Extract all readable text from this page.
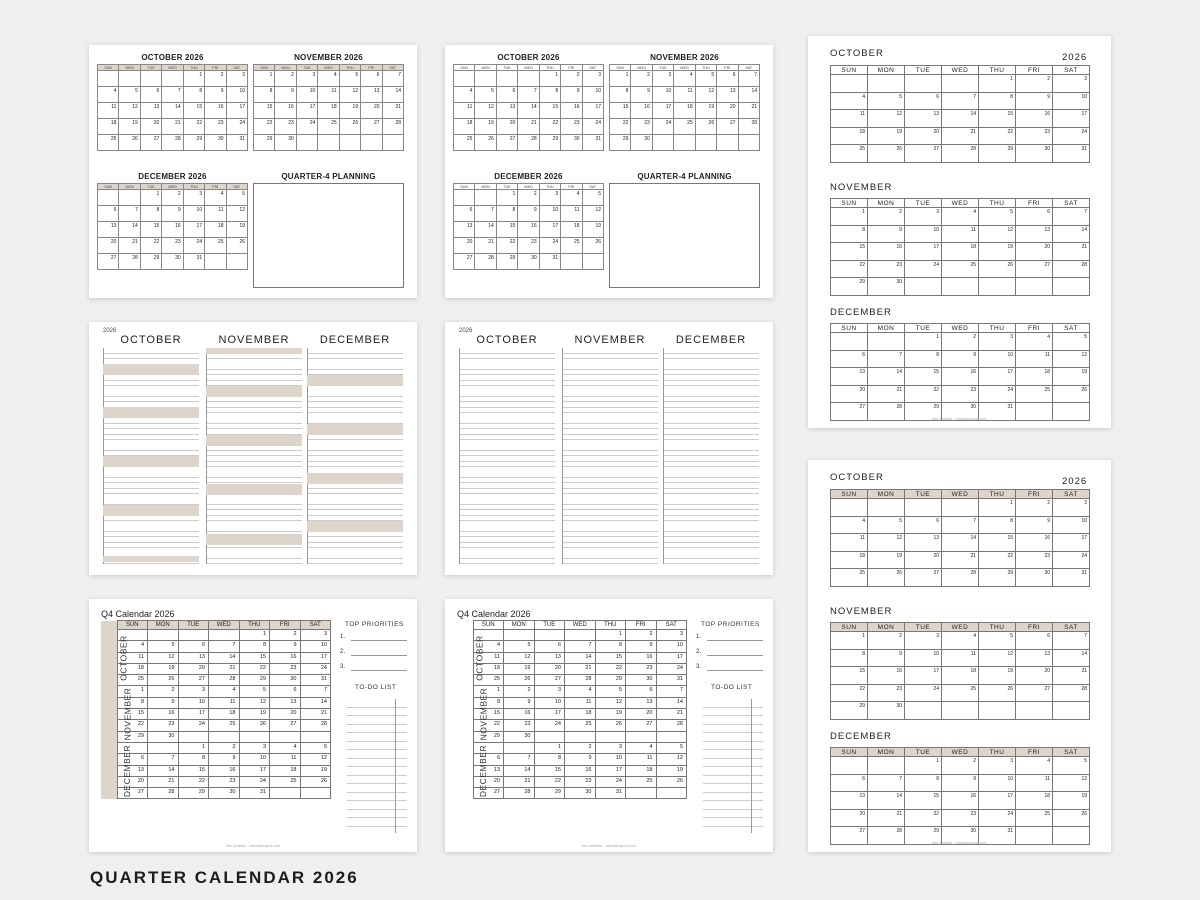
OCTOBER 2026
SUN	MON	TUE	WED	THU	FRI	SAT
				1	2	3
4	5	6	7	8	9	10
11	12	13	14	15	16	17
18	19	20	21	22	23	24
25	26	27	28	29	30	31
NOVEMBER 2026
SUN	MON	TUE	WED	THU	FRI	SAT
1	2	3	4	5	6	7
8	9	10	11	12	13	14
15	16	17	18	19	20	21
22	23	24	25	26	27	28
29	30					
DECEMBER 2026
SUN	MON	TUE	WED	THU	FRI	SAT
		1	2	3	4	5
6	7	8	9	10	11	12
13	14	15	16	17	18	19
20	21	22	23	24	25	26
27	28	29	30	31		
QUARTER-4 PLANNING
OCTOBER 2026
SUN	MON	TUE	WED	THU	FRI	SAT
				1	2	3
4	5	6	7	8	9	10
11	12	13	14	15	16	17
18	19	20	21	22	23	24
25	26	27	28	29	30	31
NOVEMBER 2026
SUN	MON	TUE	WED	THU	FRI	SAT
1	2	3	4	5	6	7
8	9	10	11	12	13	14
15	16	17	18	19	20	21
22	23	24	25	26	27	28
29	30					
DECEMBER 2026
SUN	MON	TUE	WED	THU	FRI	SAT
		1	2	3	4	5
6	7	8	9	10	11	12
13	14	15	16	17	18	19
20	21	22	23	24	25	26
27	28	29	30	31		
QUARTER-4 PLANNING
2026
OCTOBER	NOVEMBER	DECEMBER
2026
OCTOBER	NOVEMBER	DECEMBER
Q4 Calendar 2026
	SUN	MON	TUE	WED	THU	FRI	SAT
OCTOBER					1	2	3
	4	5	6	7	8	9	10
	11	12	13	14	15	16	17
	18	19	20	21	22	23	24
	25	26	27	28	29	30	31
NOVEMBER	1	2	3	4	5	6	7
	8	9	10	11	12	13	14
	15	16	17	18	19	20	21
	22	23	24	25	26	27	28
	29	30					
DECEMBER			1	2	3	4	5
	6	7	8	9	10	11	12
	13	14	15	16	17	18	19
	20	21	22	23	24	25	26
	27	28	29	30	31		
TOP PRIORITIES
1.
2.
3.
TO-DO LIST
free printable · calendarsquick.com
Q4 Calendar 2026
	SUN	MON	TUE	WED	THU	FRI	SAT
OCTOBER					1	2	3
	4	5	6	7	8	9	10
	11	12	13	14	15	16	17
	18	19	20	21	22	23	24
	25	26	27	28	29	30	31
NOVEMBER	1	2	3	4	5	6	7
	8	9	10	11	12	13	14
	15	16	17	18	19	20	21
	22	23	24	25	26	27	28
	29	30					
DECEMBER			1	2	3	4	5
	6	7	8	9	10	11	12
	13	14	15	16	17	18	19
	20	21	22	23	24	25	26
	27	28	29	30	31		
TOP PRIORITIES
1.
2.
3.
TO-DO LIST
free printable · calendarsquick.com
OCTOBER	2026
SUN	MON	TUE	WED	THU	FRI	SAT
				1	2	3
4	5	6	7	8	9	10
11	12	13	14	15	16	17
18	19	20	21	22	23	24
25	26	27	28	29	30	31
NOVEMBER
SUN	MON	TUE	WED	THU	FRI	SAT
1	2	3	4	5	6	7
8	9	10	11	12	13	14
15	16	17	18	19	20	21
22	23	24	25	26	27	28
29	30					
DECEMBER
SUN	MON	TUE	WED	THU	FRI	SAT
		1	2	3	4	5
6	7	8	9	10	11	12
13	14	15	16	17	18	19
20	21	22	23	24	25	26
27	28	29	30	31		
free printable · calendarsquick.com
OCTOBER	2026
SUN	MON	TUE	WED	THU	FRI	SAT
				1	2	3
4	5	6	7	8	9	10
11	12	13	14	15	16	17
18	19	20	21	22	23	24
25	26	27	28	29	30	31
NOVEMBER
SUN	MON	TUE	WED	THU	FRI	SAT
1	2	3	4	5	6	7
8	9	10	11	12	13	14
15	16	17	18	19	20	21
22	23	24	25	26	27	28
29	30					
DECEMBER
SUN	MON	TUE	WED	THU	FRI	SAT
		1	2	3	4	5
6	7	8	9	10	11	12
13	14	15	16	17	18	19
20	21	22	23	24	25	26
27	28	29	30	31		
free printable · calendarsquick.com
QUARTER CALENDAR 2026
